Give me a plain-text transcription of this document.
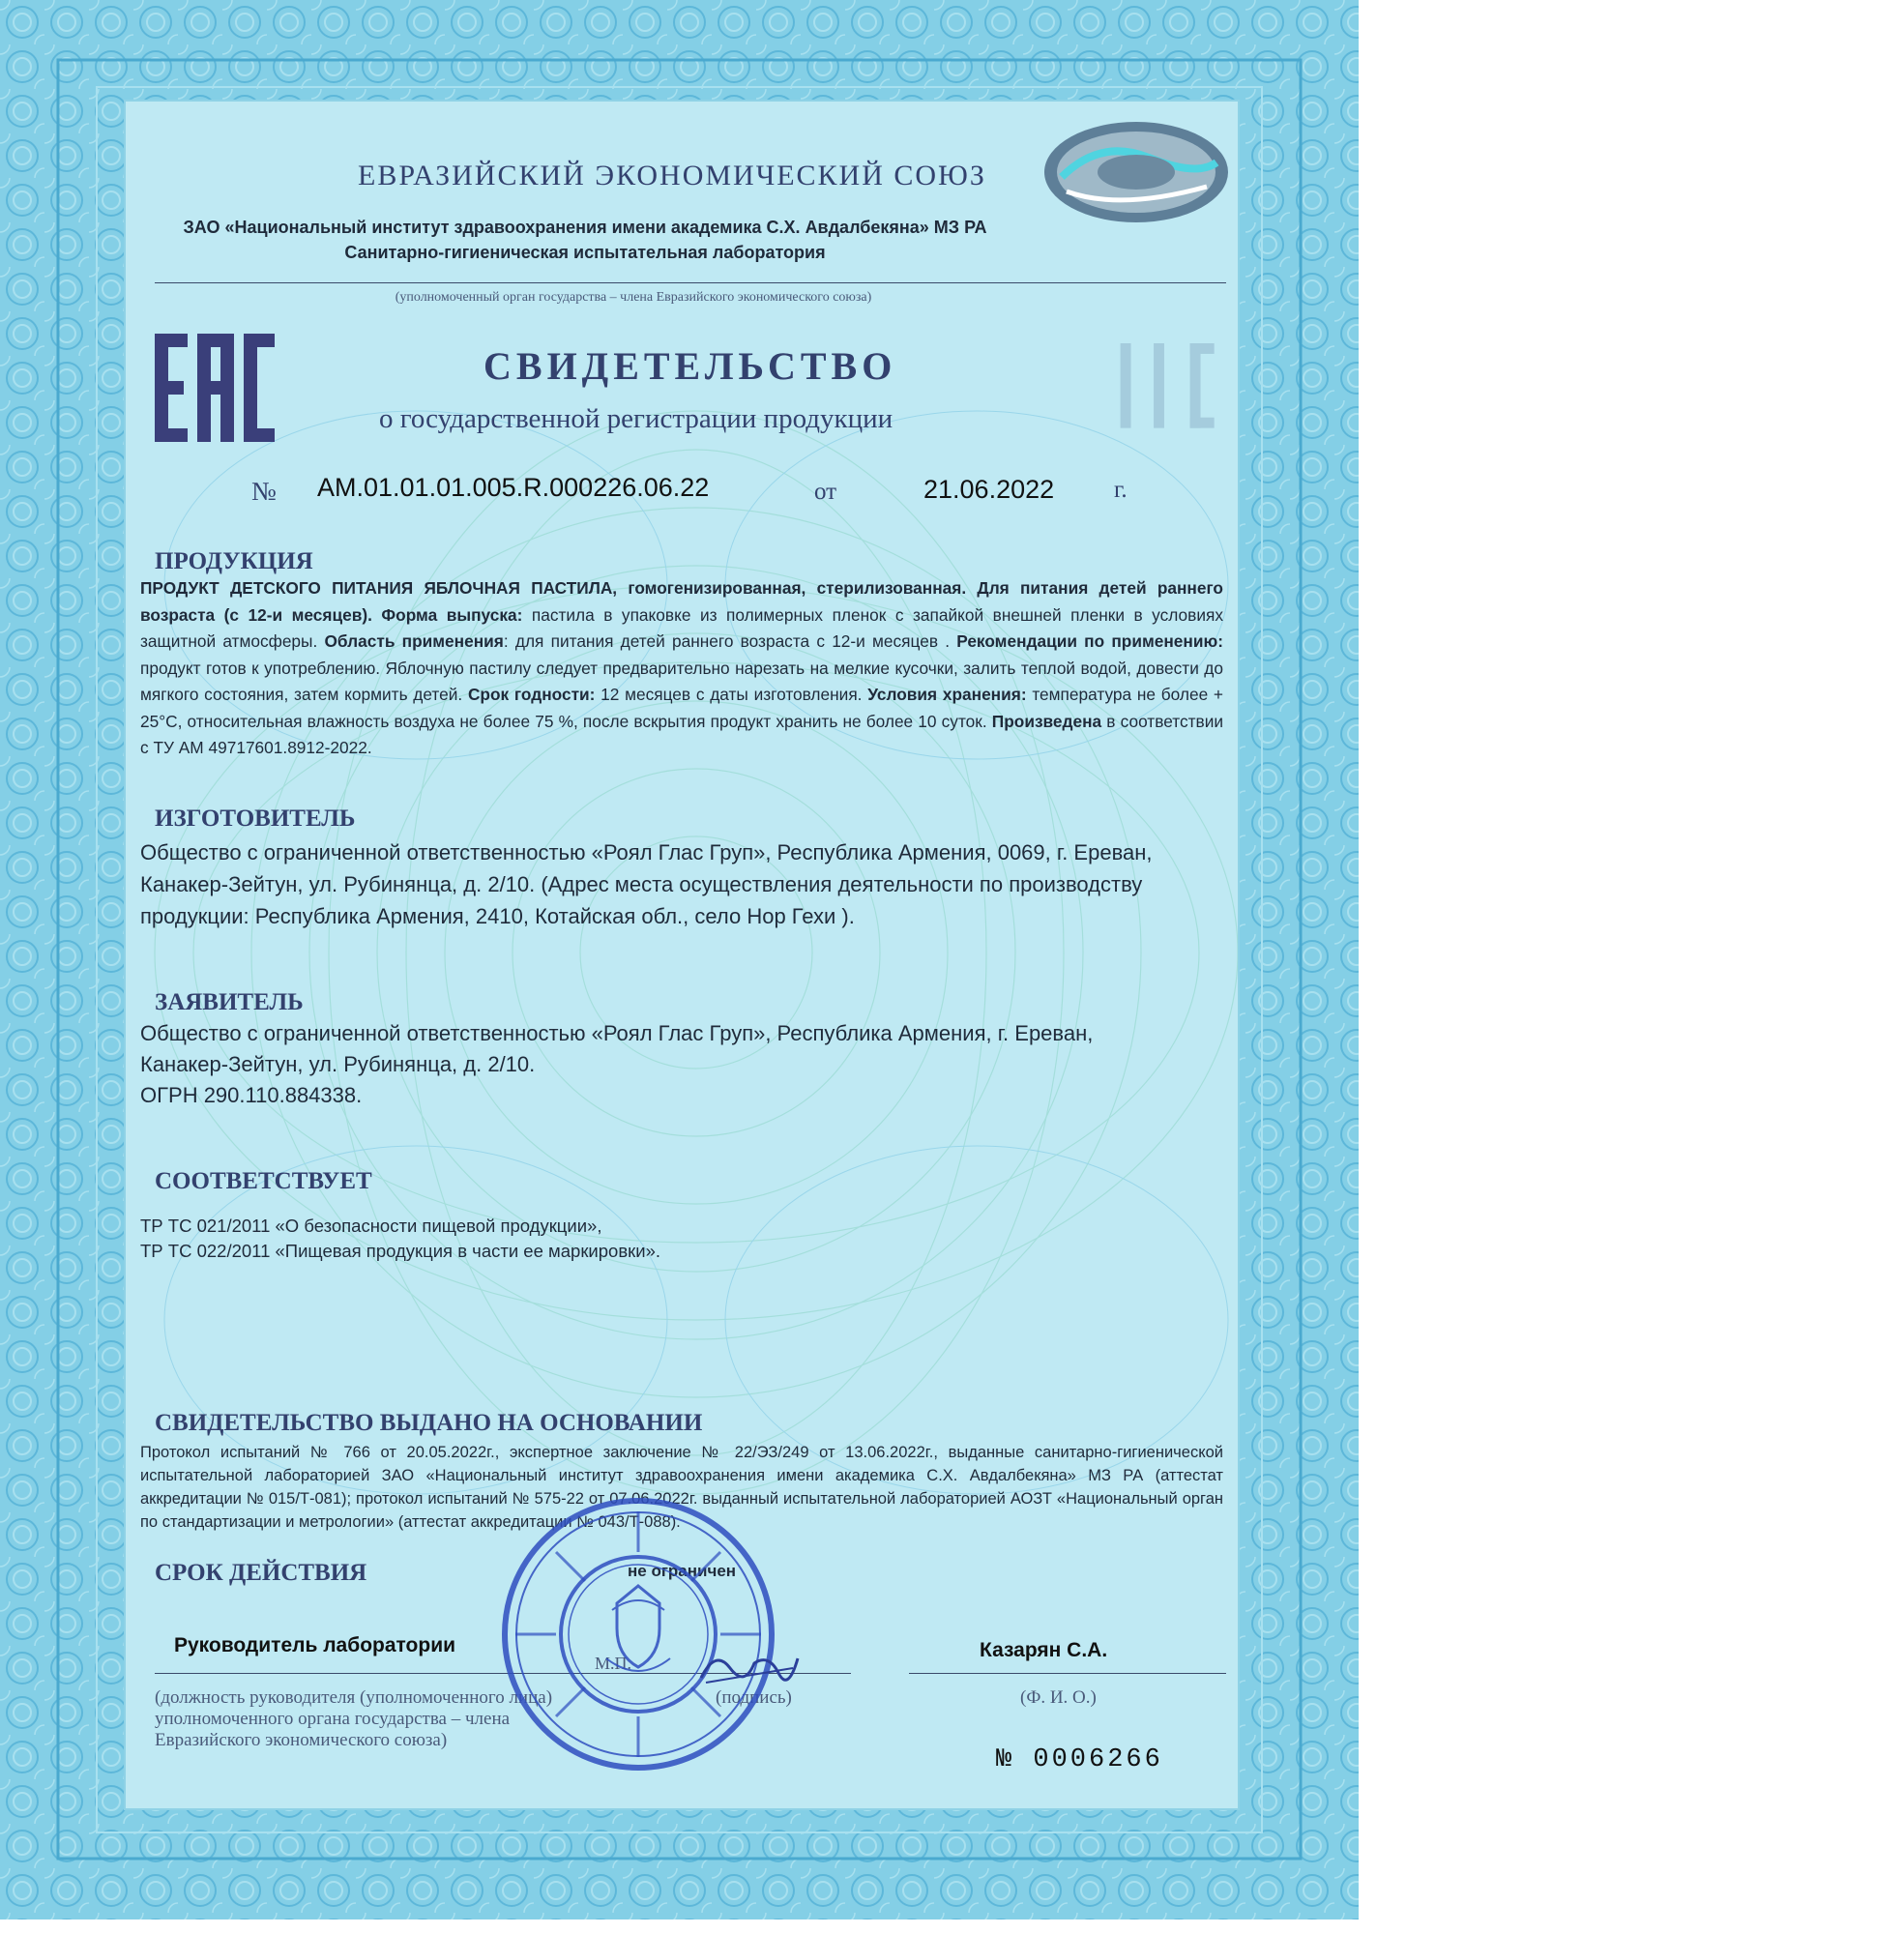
ЕВРАЗИЙСКИЙ ЭКОНОМИЧЕСКИЙ СОЮЗ
ЗАО «Национальный институт здравоохранения имени академика С.Х. Авдалбекяна» МЗ РА
Санитарно-гигиеническая испытательная лаборатория
(уполномоченный орган государства – члена Евразийского экономического союза)
СВИДЕТЕЛЬСТВО
о государственной регистрации продукции
№ AM.01.01.01.005.R.000226.06.22	от	21.06.2022 г.
ПРОДУКЦИЯ
ПРОДУКТ ДЕТСКОГО ПИТАНИЯ ЯБЛОЧНАЯ ПАСТИЛА, гомогенизированная, стерилизованная. Для питания детей раннего возраста (с 12-и месяцев). Форма выпуска: пастила в упаковке из полимерных пленок с запайкой внешней пленки в условиях защитной атмосферы. Область применения: для питания детей раннего возраста с 12-и месяцев . Рекомендации по применению: продукт готов к употреблению. Яблочную пастилу следует предварительно нарезать на мелкие кусочки, залить теплой водой, довести до мягкого состояния, затем кормить детей. Срок годности: 12 месяцев с даты изготовления. Условия хранения: температура не более + 25°С, относительная влажность воздуха не более 75 %, после вскрытия продукт хранить не более 10 суток. Произведена в соответствии с ТУ АМ 49717601.8912-2022.
ИЗГОТОВИТЕЛЬ
Общество с ограниченной ответственностью «Роял Глас Груп», Республика Армения, 0069, г. Ереван, Канакер-Зейтун, ул. Рубинянца, д. 2/10. (Адрес места осуществления деятельности по производству продукции: Республика Армения, 2410, Котайская обл., село Нор Гехи ).
ЗАЯВИТЕЛЬ
Общество с ограниченной ответственностью «Роял Глас Груп», Республика Армения, г. Ереван,
Канакер-Зейтун, ул. Рубинянца, д. 2/10.
ОГРН 290.110.884338.
СООТВЕТСТВУЕТ
ТР ТС 021/2011 «О безопасности пищевой продукции»,
ТР ТС 022/2011 «Пищевая продукция в части ее маркировки».
СВИДЕТЕЛЬСТВО ВЫДАНО НА ОСНОВАНИИ
Протокол испытаний № 766 от 20.05.2022г., экспертное заключение № 22/ЭЗ/249 от 13.06.2022г., выданные санитарно-гигиенической испытательной лабораторией ЗАО «Национальный институт здравоохранения имени академика С.Х. Авдалбекяна» МЗ РА (аттестат аккредитации № 015/Т-081); протокол испытаний № 575-22 от 07.06.2022г. выданный испытательной лабораторией АОЗТ «Национальный орган по стандартизации и метрологии» (аттестат аккредитации № 043/Т-088).
СРОК ДЕЙСТВИЯ	не ограничен
Руководитель лаборатории
М.П.
(подпись)
Казарян С.А.
(Ф. И. О.)
(должность руководителя (уполномоченного лица) уполномоченного органа государства – члена Евразийского экономического союза)
№ 0006266
